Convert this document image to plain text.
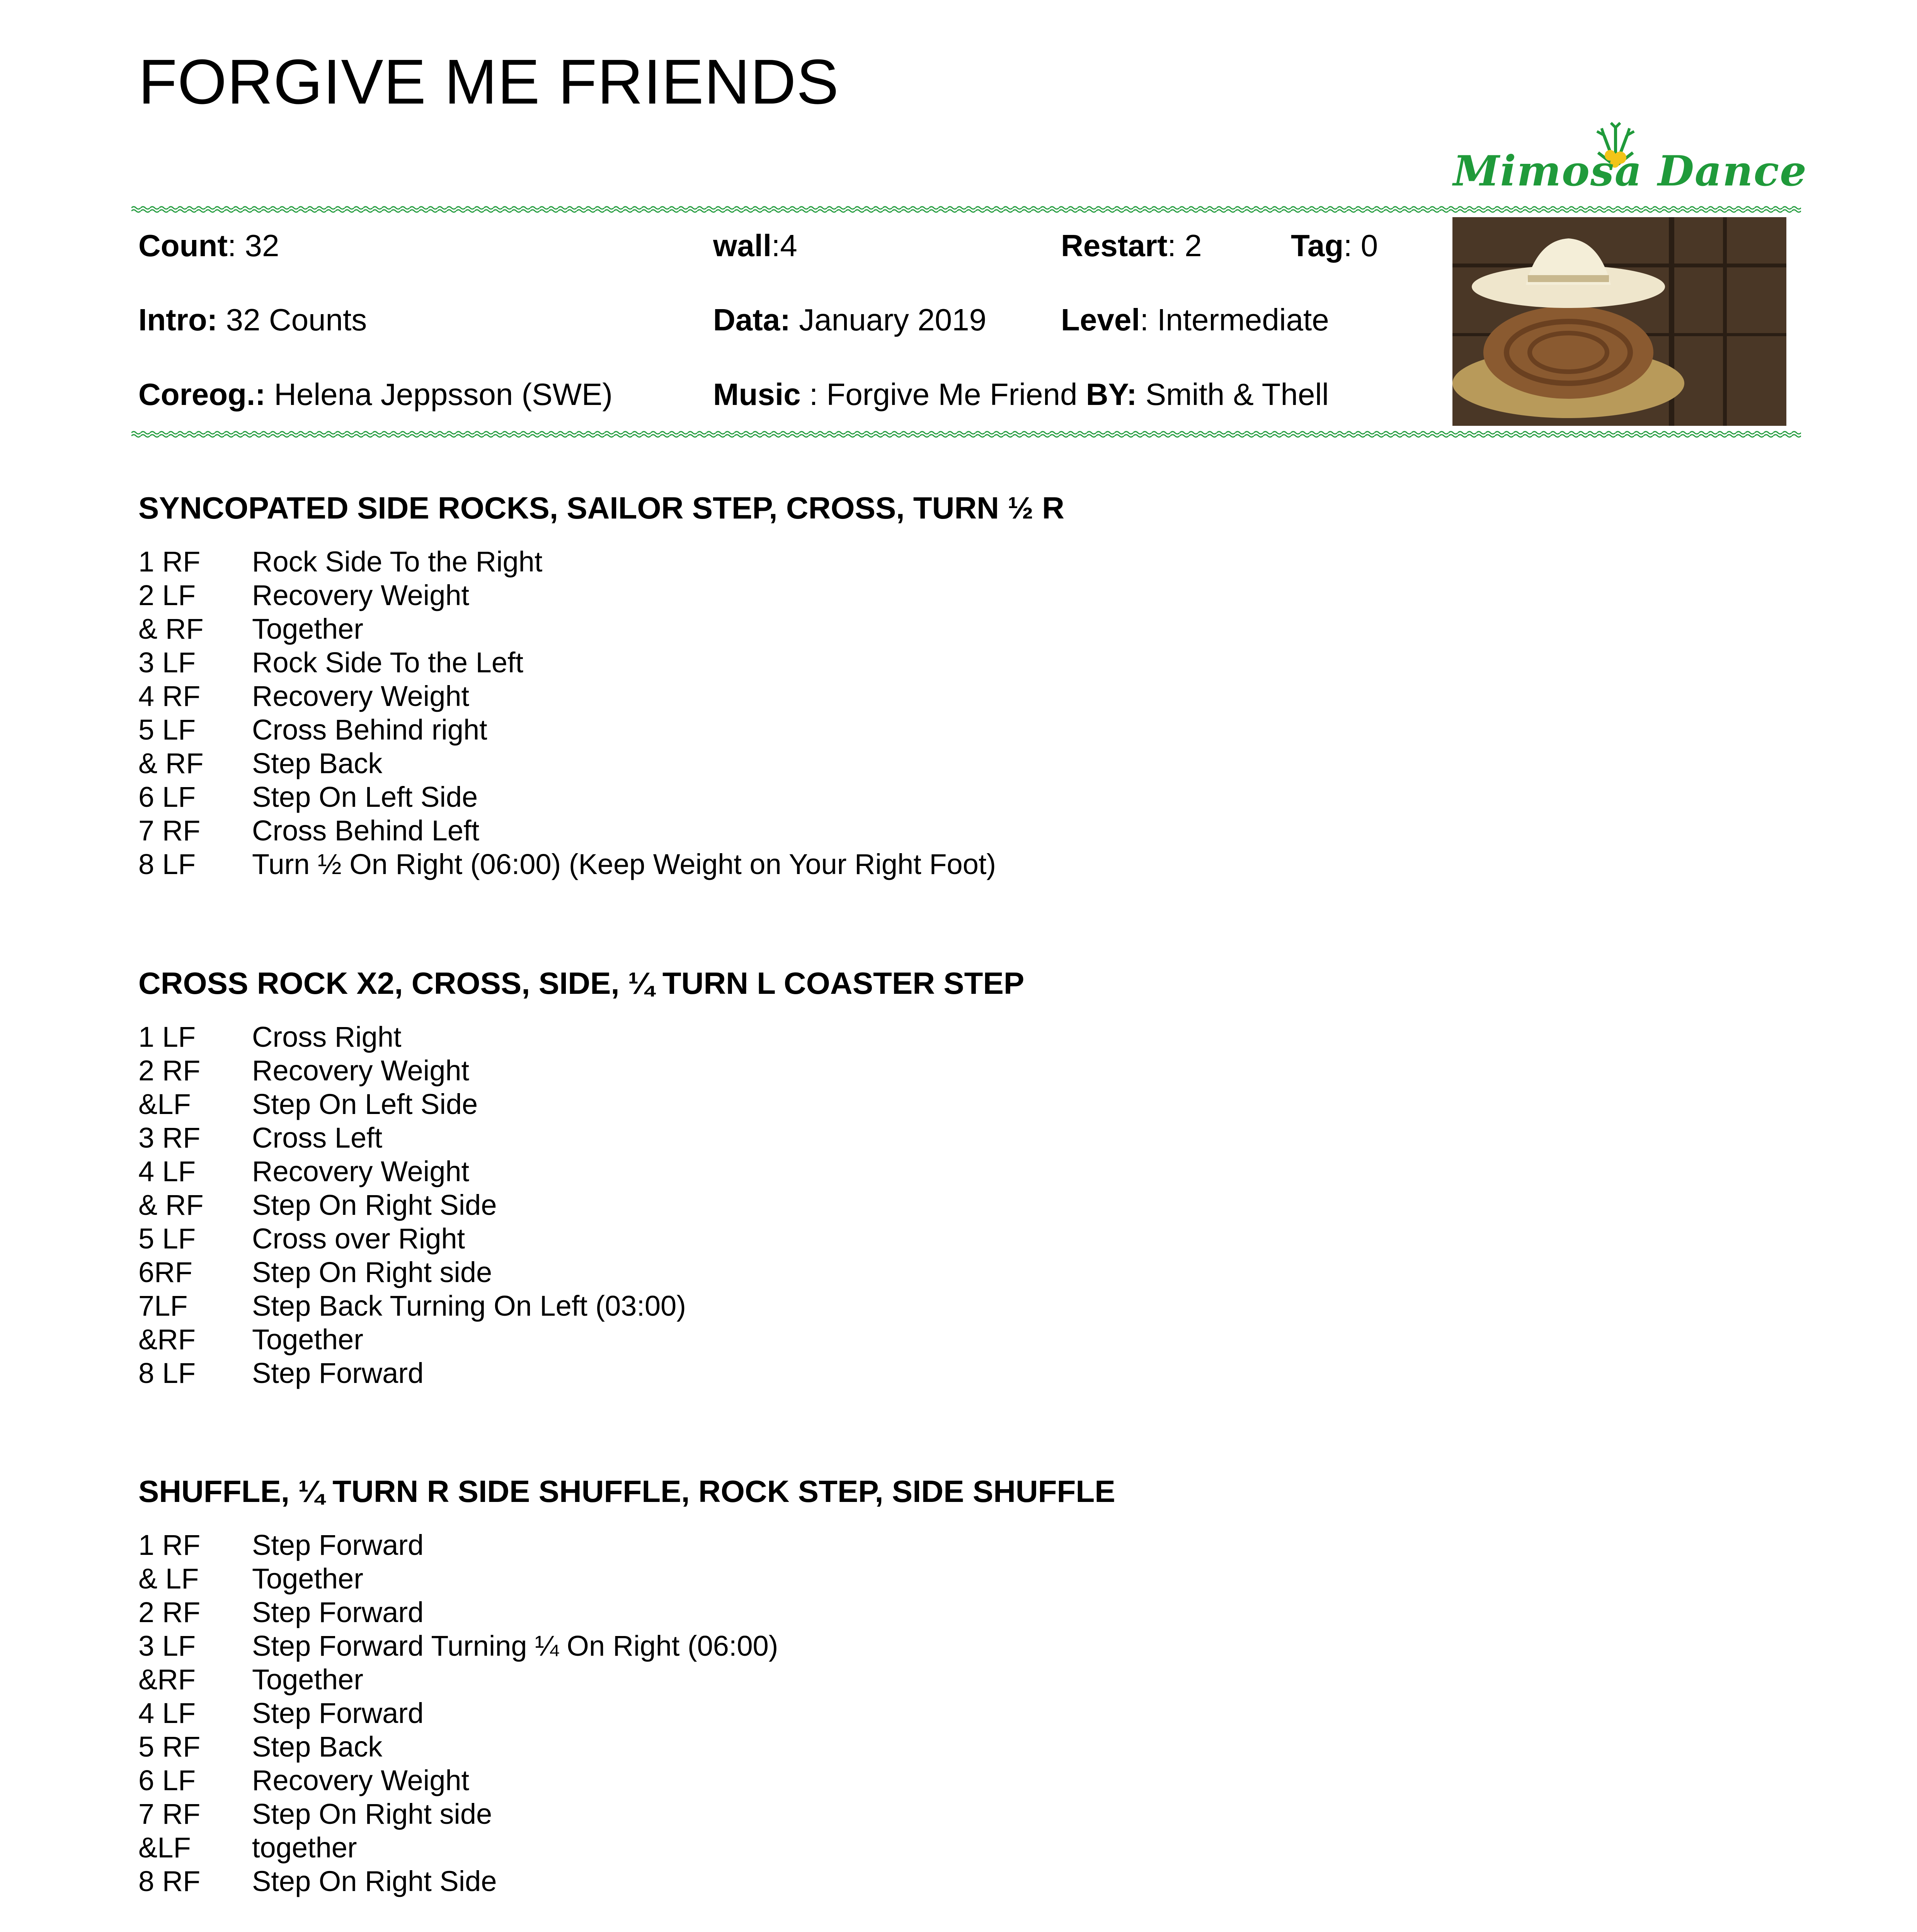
FORGIVE ME FRIENDS
Mimosa Dance
Count: 32	wall:4	Restart: 2	Tag: 0
Intro: 32 Counts	Data: January 2019 Level: Intermediate
Coreog.: Helena Jeppsson (SWE)	Music : Forgive Me Friend BY: Smith & Thell
SYNCOPATED SIDE ROCKS, SAILOR STEP, CROSS, TURN ½ R
1 RF	Rock Side To the Right
2 LF	Recovery Weight
& RF	Together
3 LF	Rock Side To the Left
4 RF	Recovery Weight
5 LF	Cross Behind right
& RF	Step Back
6 LF	Step On Left Side
7 RF	Cross Behind Left
8 LF	Turn ½ On Right (06:00) (Keep Weight on Your Right Foot)
CROSS ROCK X2, CROSS, SIDE, ¼ TURN L COASTER STEP
1 LF	Cross Right
2 RF	Recovery Weight
&LF	Step On Left Side
3 RF	Cross Left
4 LF	Recovery Weight
& RF	Step On Right Side
5 LF	Cross over Right
6RF	Step On Right side
7LF	Step Back Turning On Left (03:00)
&RF	Together
8 LF	Step Forward
SHUFFLE, ¼ TURN R SIDE SHUFFLE, ROCK STEP, SIDE SHUFFLE
1 RF	Step Forward
& LF	Together
2 RF	Step Forward
3 LF	Step Forward Turning ¼ On Right (06:00)
&RF	Together
4 LF	Step Forward
5 RF	Step Back
6 LF	Recovery Weight
7 RF	Step On Right side
&LF	together
8 RF	Step On Right Side
